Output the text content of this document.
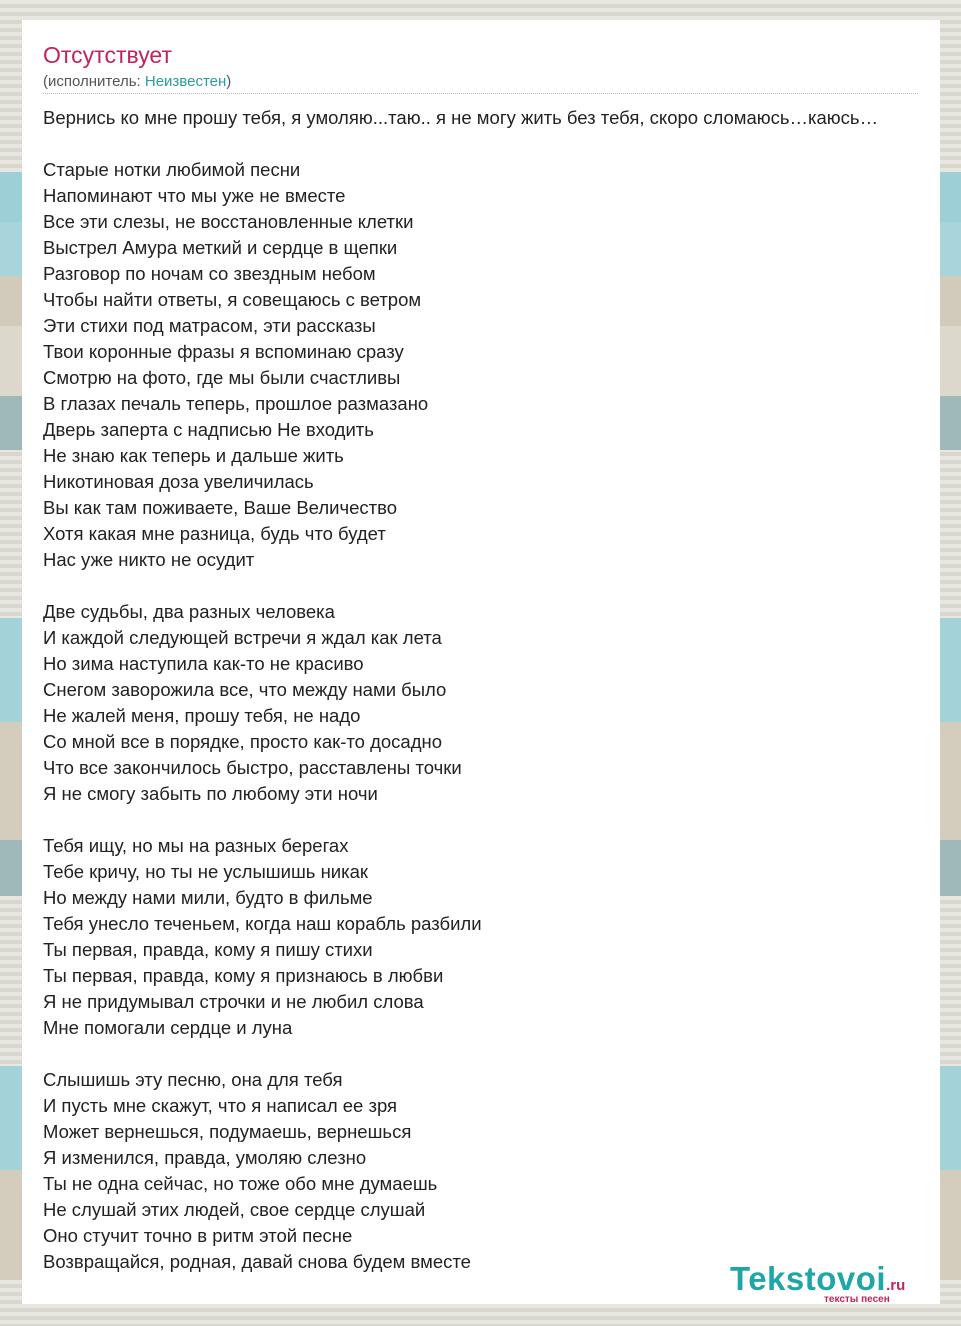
Отсутствует
(исполнитель: Неизвестен)
Вернись ко мне прошу тебя, я умоляю...таю.. я не могу жить без тебя, скоро сломаюсь…каюсь…
Старые нотки любимой песни
Напоминают что мы уже не вместе
Все эти слезы, не восстановленные клетки
Выстрел Амура меткий и сердце в щепки
Разговор по ночам со звездным небом
Чтобы найти ответы, я совещаюсь с ветром
Эти стихи под матрасом, эти рассказы
Твои коронные фразы я вспоминаю сразу
Смотрю на фото, где мы были счастливы
В глазах печаль теперь, прошлое размазано
Дверь заперта с надписью Не входить
Не знаю как теперь и дальше жить
Никотиновая доза увеличилась
Вы как там поживаете, Ваше Величество
Хотя какая мне разница, будь что будет
Нас уже никто не осудит
Две судьбы, два разных человека
И каждой следующей встречи я ждал как лета
Но зима наступила как-то не красиво
Снегом заворожила все, что между нами было
Не жалей меня, прошу тебя, не надо
Со мной все в порядке, просто как-то досадно
Что все закончилось быстро, расставлены точки
Я не смогу забыть по любому эти ночи
Тебя ищу, но мы на разных берегах
Тебе кричу, но ты не услышишь никак
Но между нами мили, будто в фильме
Тебя унесло теченьем, когда наш корабль разбили
Ты первая, правда, кому я пишу стихи
Ты первая, правда, кому я признаюсь в любви
Я не придумывал строчки и не любил слова
Мне помогали сердце и луна
Слышишь эту песню, она для тебя
И пусть мне скажут, что я написал ее зря
Может вернешься, подумаешь, вернешься
Я изменился, правда, умоляю слезно
Ты не одна сейчас, но тоже обо мне думаешь
Не слушай этих людей, свое сердце слушай
Оно стучит точно в ритм этой песне
Возвращайся, родная, давай снова будем вместе	Tekstovoi.ru
тексты песен
